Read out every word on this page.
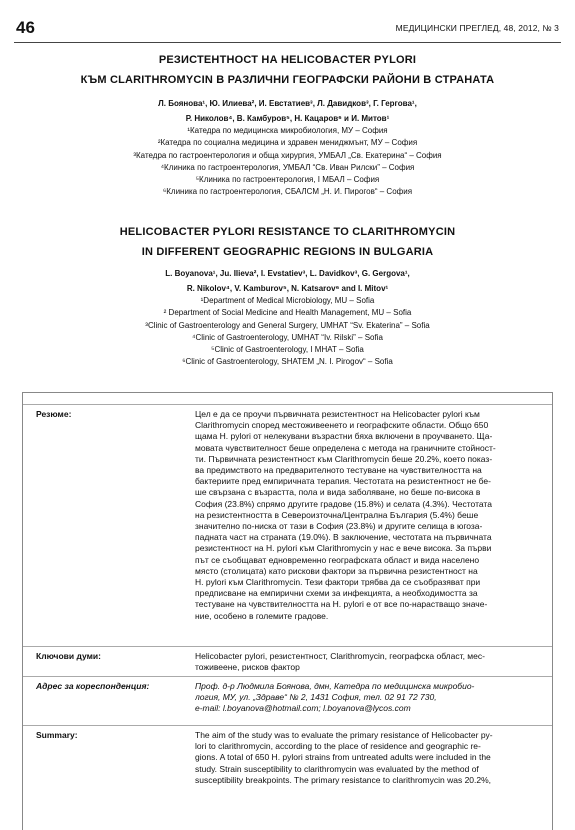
46	МЕДИЦИНСКИ ПРЕГЛЕД, 48, 2012, № 3
РЕЗИСТЕНТНОСТ НА HELICOBACTER PYLORI
КЪМ CLARITHROMYCIN В РАЗЛИЧНИ ГЕОГРАФСКИ РАЙОНИ В СТРАНАТА
Л. Боянова¹, Ю. Илиева², И. Евстатиев³, Л. Давидков³, Г. Гергова¹,
Р. Николов⁴, В. Камбуров⁵, Н. Кацаров⁶ и И. Митов¹
¹Катедра по медицинска микробиология, МУ – София
²Катедра по социална медицина и здравен мениджмънт, МУ – София
³Катедра по гастроентерология и обща хирургия, УМБАЛ „Св. Екатерина“ – София
⁴Клиника по гастроентерология, УМБАЛ “Св. Иван Рилски” – София
⁵Клиника по гастроентерология, I МБАЛ – София
⁶Клиника по гастроентерология, СБАЛСМ „Н. И. Пирогов“ – София
HELICOBACTER PYLORI RESISTANCE TO CLARITHROMYCIN
IN DIFFERENT GEOGRAPHIC REGIONS IN BULGARIA
L. Boyanova¹, Ju. Ilieva², I. Evstatiev³, L. Davidkov³, G. Gergova¹,
R. Nikolov⁴, V. Kamburov⁵, N. Katsarov⁶ and I. Mitov¹
¹Department of Medical Microbiology, MU – Sofia
² Department of Social Medicine and Health Management, MU – Sofia
³Clinic of Gastroenterology and General Surgery, UMHAT “Sv. Ekaterina” – Sofia
⁴Clinic of Gastroenterology, UMHAT “Iv. Rilski” – Sofia
⁵Clinic of Gastroenterology, I MHAT – Sofia
⁶Clinic of Gastroenterology, SHATEM „N. I. Pirogov“ – Sofia
Резюме:	Цел е да се проучи първичната резистентност на Helicobacter pylori към
Clarithromycin според местоживеенето и географските области. Общо 650
щама H. pylori от нелекувани възрастни бяха включени в проучването. Ща-
мовата чувствителност беше определена с метода на граничните стойност-
ти. Първичната резистентност към Clarithromycin беше 20.2%, което показ-
ва предимството на предварителното тестуване на чувствителността на
бактериите пред емпиричната терапия. Честотата на резистентност не бе-
ше свързана с възрастта, пола и вида заболяване, но беше по-висока в
София (23.8%) спрямо другите градове (15.8%) и селата (4.3%). Честотата
на резистентността в Североизточна/Централна България (5.4%) беше
значително по-ниска от тази в София (23.8%) и другите селища в югоза-
падната част на страната (19.0%). В заключение, честотата на първичната
резистентност на H. pylori към Clarithromycin у нас е вече висока. За първи
път се съобщават едновременно географската област и вида населено
място (столицата) като рискови фактори за първична резистентност на
H. pylori към Clarithromycin. Тези фактори трябва да се съобразяват при
предписване на емпирични схеми за инфекцията, а необходимостта за
тестуване на чувствителността на H. pylori е от все по-нарастващо значе-
ние, особено в големите градове.
Ключови думи:	Helicobacter pylori, резистентност, Clarithromycin, географска област, мес-
тоживеене, рисков фактор
Адрес за кореспонденция:	Проф. д-р Людмила Боянова, дмн, Катедра по медицинска микробио-
логия, МУ, ул. „Здраве“ № 2, 1431 София, тел. 02 91 72 730,
e-mail: l.boyanova@hotmail.com; l.boyanova@lycos.com
Summary:	The aim of the study was to evaluate the primary resistance of Helicobacter py-
lori to clarithromycin, according to the place of residence and geographic re-
gions. A total of 650 H. pylori strains from untreated adults were included in the
study. Strain susceptibility to clarithromycin was evaluated by the method of
susceptibility breakpoints. The primary resistance to clarithromycin was 20.2%,
